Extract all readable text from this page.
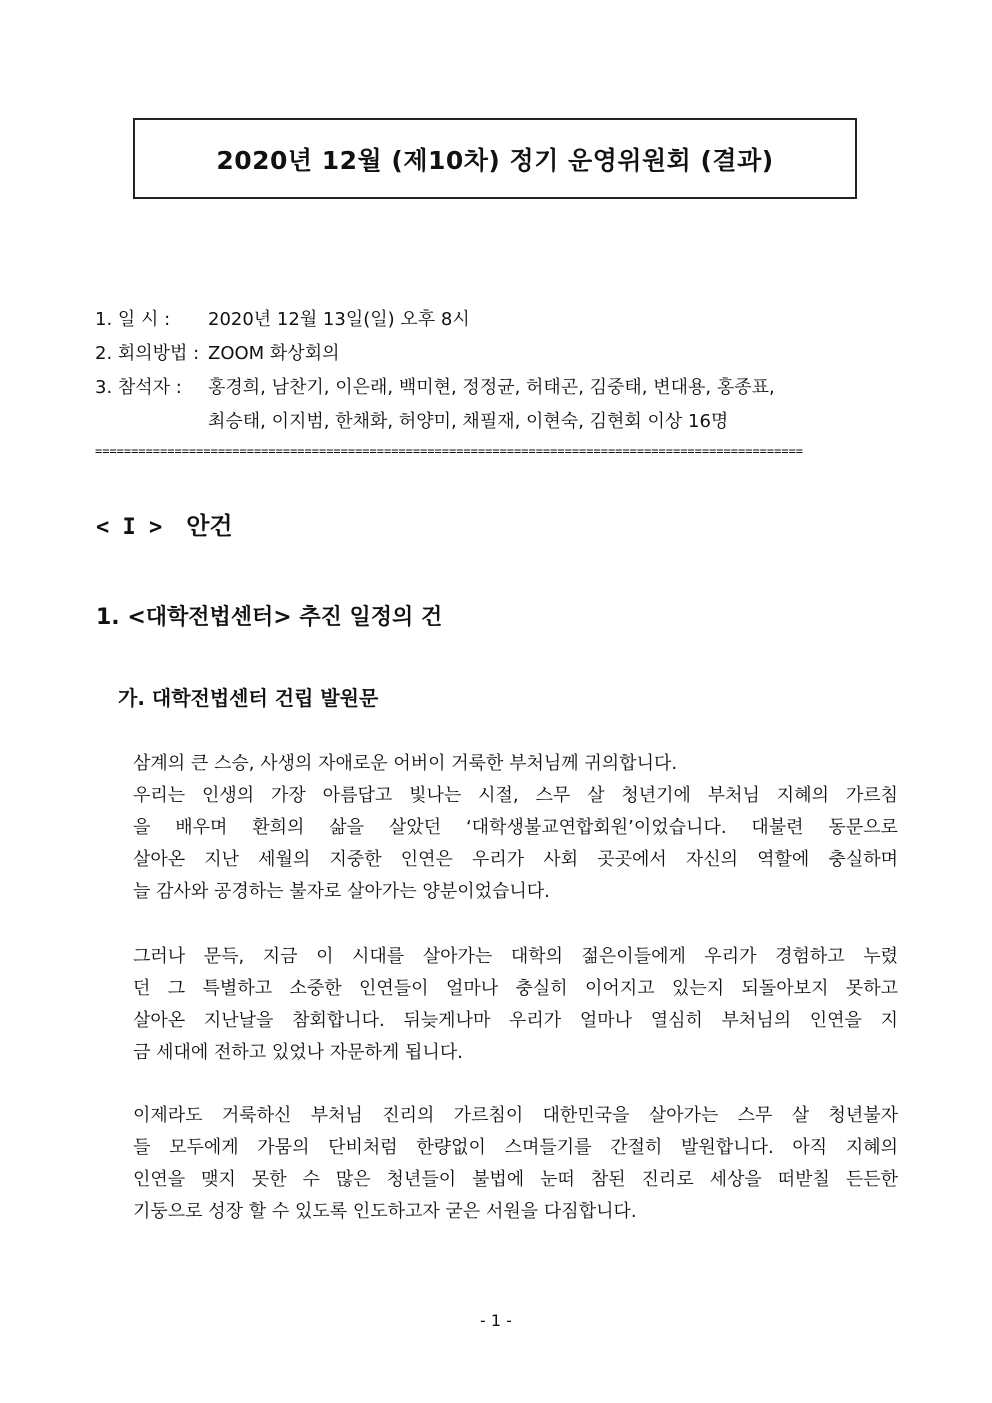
2020년 12월 (제10차) 정기 운영위원회 (결과)
1. 일 시 :	2020년 12월 13일(일) 오후 8시
2. 회의방법 : ZOOM 화상회의
3. 참석자 :	홍경희, 남찬기, 이은래, 백미현, 정정균, 허태곤, 김중태, 변대용, 홍종표,
최승태, 이지범, 한채화, 허양미, 채필재, 이현숙, 김현회 이상 16명
==================================================================================================
< I > 안건
1. <대학전법센터> 추진 일정의 건
가. 대학전법센터 건립 발원문
삼계의 큰 스승, 사생의 자애로운 어버이 거룩한 부처님께 귀의합니다.
우리는 인생의 가장 아름답고 빛나는 시절, 스무 살 청년기에 부처님 지혜의 가르침
을 배우며 환희의 삶을 살았던 ‘대학생불교연합회원’이었습니다. 대불련 동문으로
살아온 지난 세월의 지중한 인연은 우리가 사회 곳곳에서 자신의 역할에 충실하며
늘 감사와 공경하는 불자로 살아가는 양분이었습니다.
그러나 문득, 지금 이 시대를 살아가는 대학의 젊은이들에게 우리가 경험하고 누렸
던 그 특별하고 소중한 인연들이 얼마나 충실히 이어지고 있는지 되돌아보지 못하고
살아온 지난날을 참회합니다. 뒤늦게나마 우리가 얼마나 열심히 부처님의 인연을 지
금 세대에 전하고 있었나 자문하게 됩니다.
이제라도 거룩하신 부처님 진리의 가르침이 대한민국을 살아가는 스무 살 청년불자
들 모두에게 가뭄의 단비처럼 한량없이 스며들기를 간절히 발원합니다. 아직 지혜의
인연을 맺지 못한 수 많은 청년들이 불법에 눈떠 참된 진리로 세상을 떠받칠 든든한
기둥으로 성장 할 수 있도록 인도하고자 굳은 서원을 다짐합니다.
- 1 -
